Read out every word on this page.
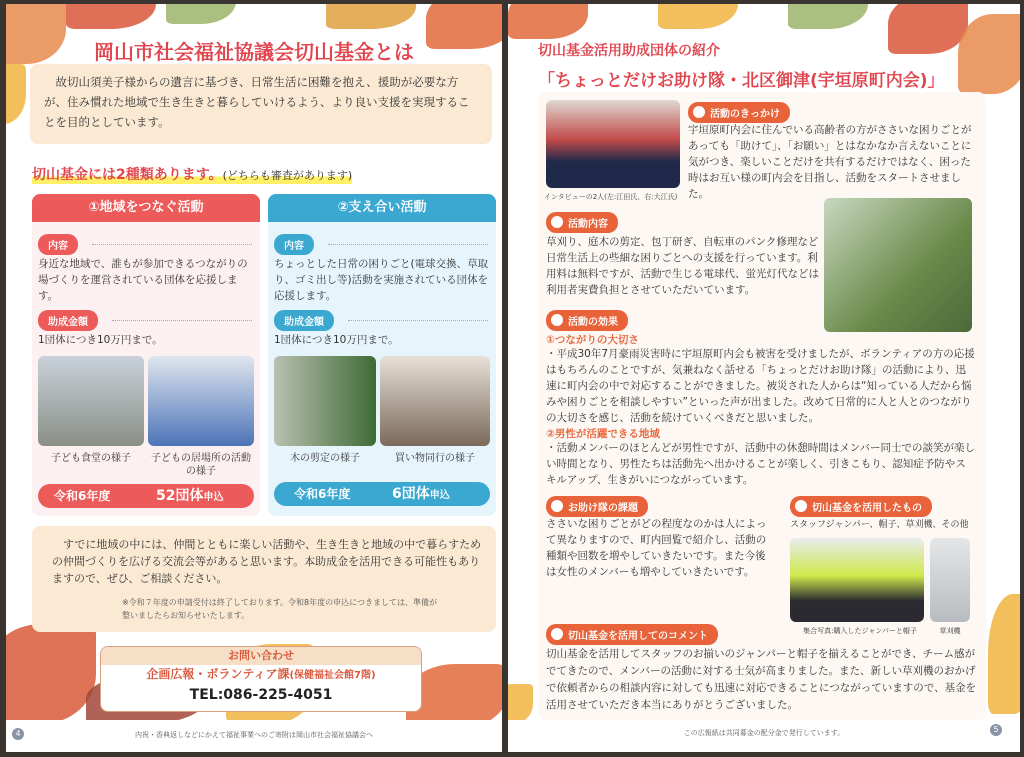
岡山市社会福祉協議会切山基金とは
故切山須美子様からの遺言に基づき、日常生活に困難を抱え、援助が必要な方が、住み慣れた地域で生き生きと暮らしていけるよう、より良い支援を実現することを目的としています。
切山基金には2種類あります。(どちらも審査があります)
①地域をつなぐ活動
内容
身近な地域で、誰もが参加できるつながりの場づくりを運営されている団体を応援します。
助成金額
1団体につき10万円まで。
子ども食堂の様子	子どもの居場所の活動の様子
令和6年度	52団体申込
②支え合い活動
内容
ちょっとした日常の困りごと(電球交換、草取り、ゴミ出し等)活動を実施されている団体を応援します。
助成金額
1団体につき10万円まで。
木の剪定の様子	買い物同行の様子
令和6年度	6団体申込
すでに地域の中には、仲間とともに楽しい活動や、生き生きと地域の中で暮らすための仲間づくりを広げる交流会等があると思います。本助成金を活用できる可能性もありますので、ぜひ、ご相談ください。
※令和７年度の申請受付は終了しております。令和8年度の申込につきましては、準備が整いましたらお知らせいたします。
お問い合わせ
企画広報・ボランティア課(保健福祉会館7階)
TEL:086-225-4051
4	内祝・香典返しなどにかえて福祉事業へのご寄附は岡山市社会福祉協議会へ
切山基金活用助成団体の紹介
「ちょっとだけお助け隊・北区御津(宇垣原町内会)」
インタビューの2人(左:江田氏、右:大江氏)
活動のきっかけ
宇垣原町内会に住んでいる高齢者の方がささいな困りごとがあっても「助けて」、「お願い」とはなかなか言えないことに気がつき、楽しいことだけを共有するだけではなく、困った時はお互い様の町内会を目指し、活動をスタートさせました。
活動内容
草刈り、庭木の剪定、包丁研ぎ、自転車のパンク修理など日常生活上の些細な困りごとへの支援を行っています。利用料は無料ですが、活動で生じる電球代、蛍光灯代などは利用者実費負担とさせていただいています。
活動の効果
①つながりの大切さ
・平成30年7月豪雨災害時に宇垣原町内会も被害を受けましたが、ボランティアの方の応援はもちろんのことですが、気兼ねなく話せる「ちょっとだけお助け隊」の活動により、迅速に町内会の中で対応することができました。被災された人からは“知っている人だから悩みや困りごとを相談しやすい”といった声が出ました。改めて日常的に人と人とのつながりの大切さを感じ、活動を続けていくべきだと思いました。
②男性が活躍できる地域
・活動メンバーのほとんどが男性ですが、活動中の休憩時間はメンバー同士での談笑が楽しい時間となり、男性たちは活動先へ出かけることが楽しく、引きこもり、認知症予防やスキルアップ、生きがいにつながっています。
お助け隊の課題
ささいな困りごとがどの程度なのかは人によって異なりますので、町内回覧で紹介し、活動の種類や回数を増やしていきたいです。また今後は女性のメンバーも増やしていきたいです。
切山基金を活用したもの
スタッフジャンパー、帽子、草刈機、その他
集合写真:購入したジャンパーと帽子	草刈機
切山基金を活用してのコメント
切山基金を活用してスタッフのお揃いのジャンパーと帽子を揃えることができ、チーム感がでてきたので、メンバーの活動に対する士気が高まりました。また、新しい草刈機のおかげで依頼者からの相談内容に対しても迅速に対応できることにつながっていますので、基金を活用させていただき本当にありがとうございました。
この広報紙は共同募金の配分金で発行しています。	5
